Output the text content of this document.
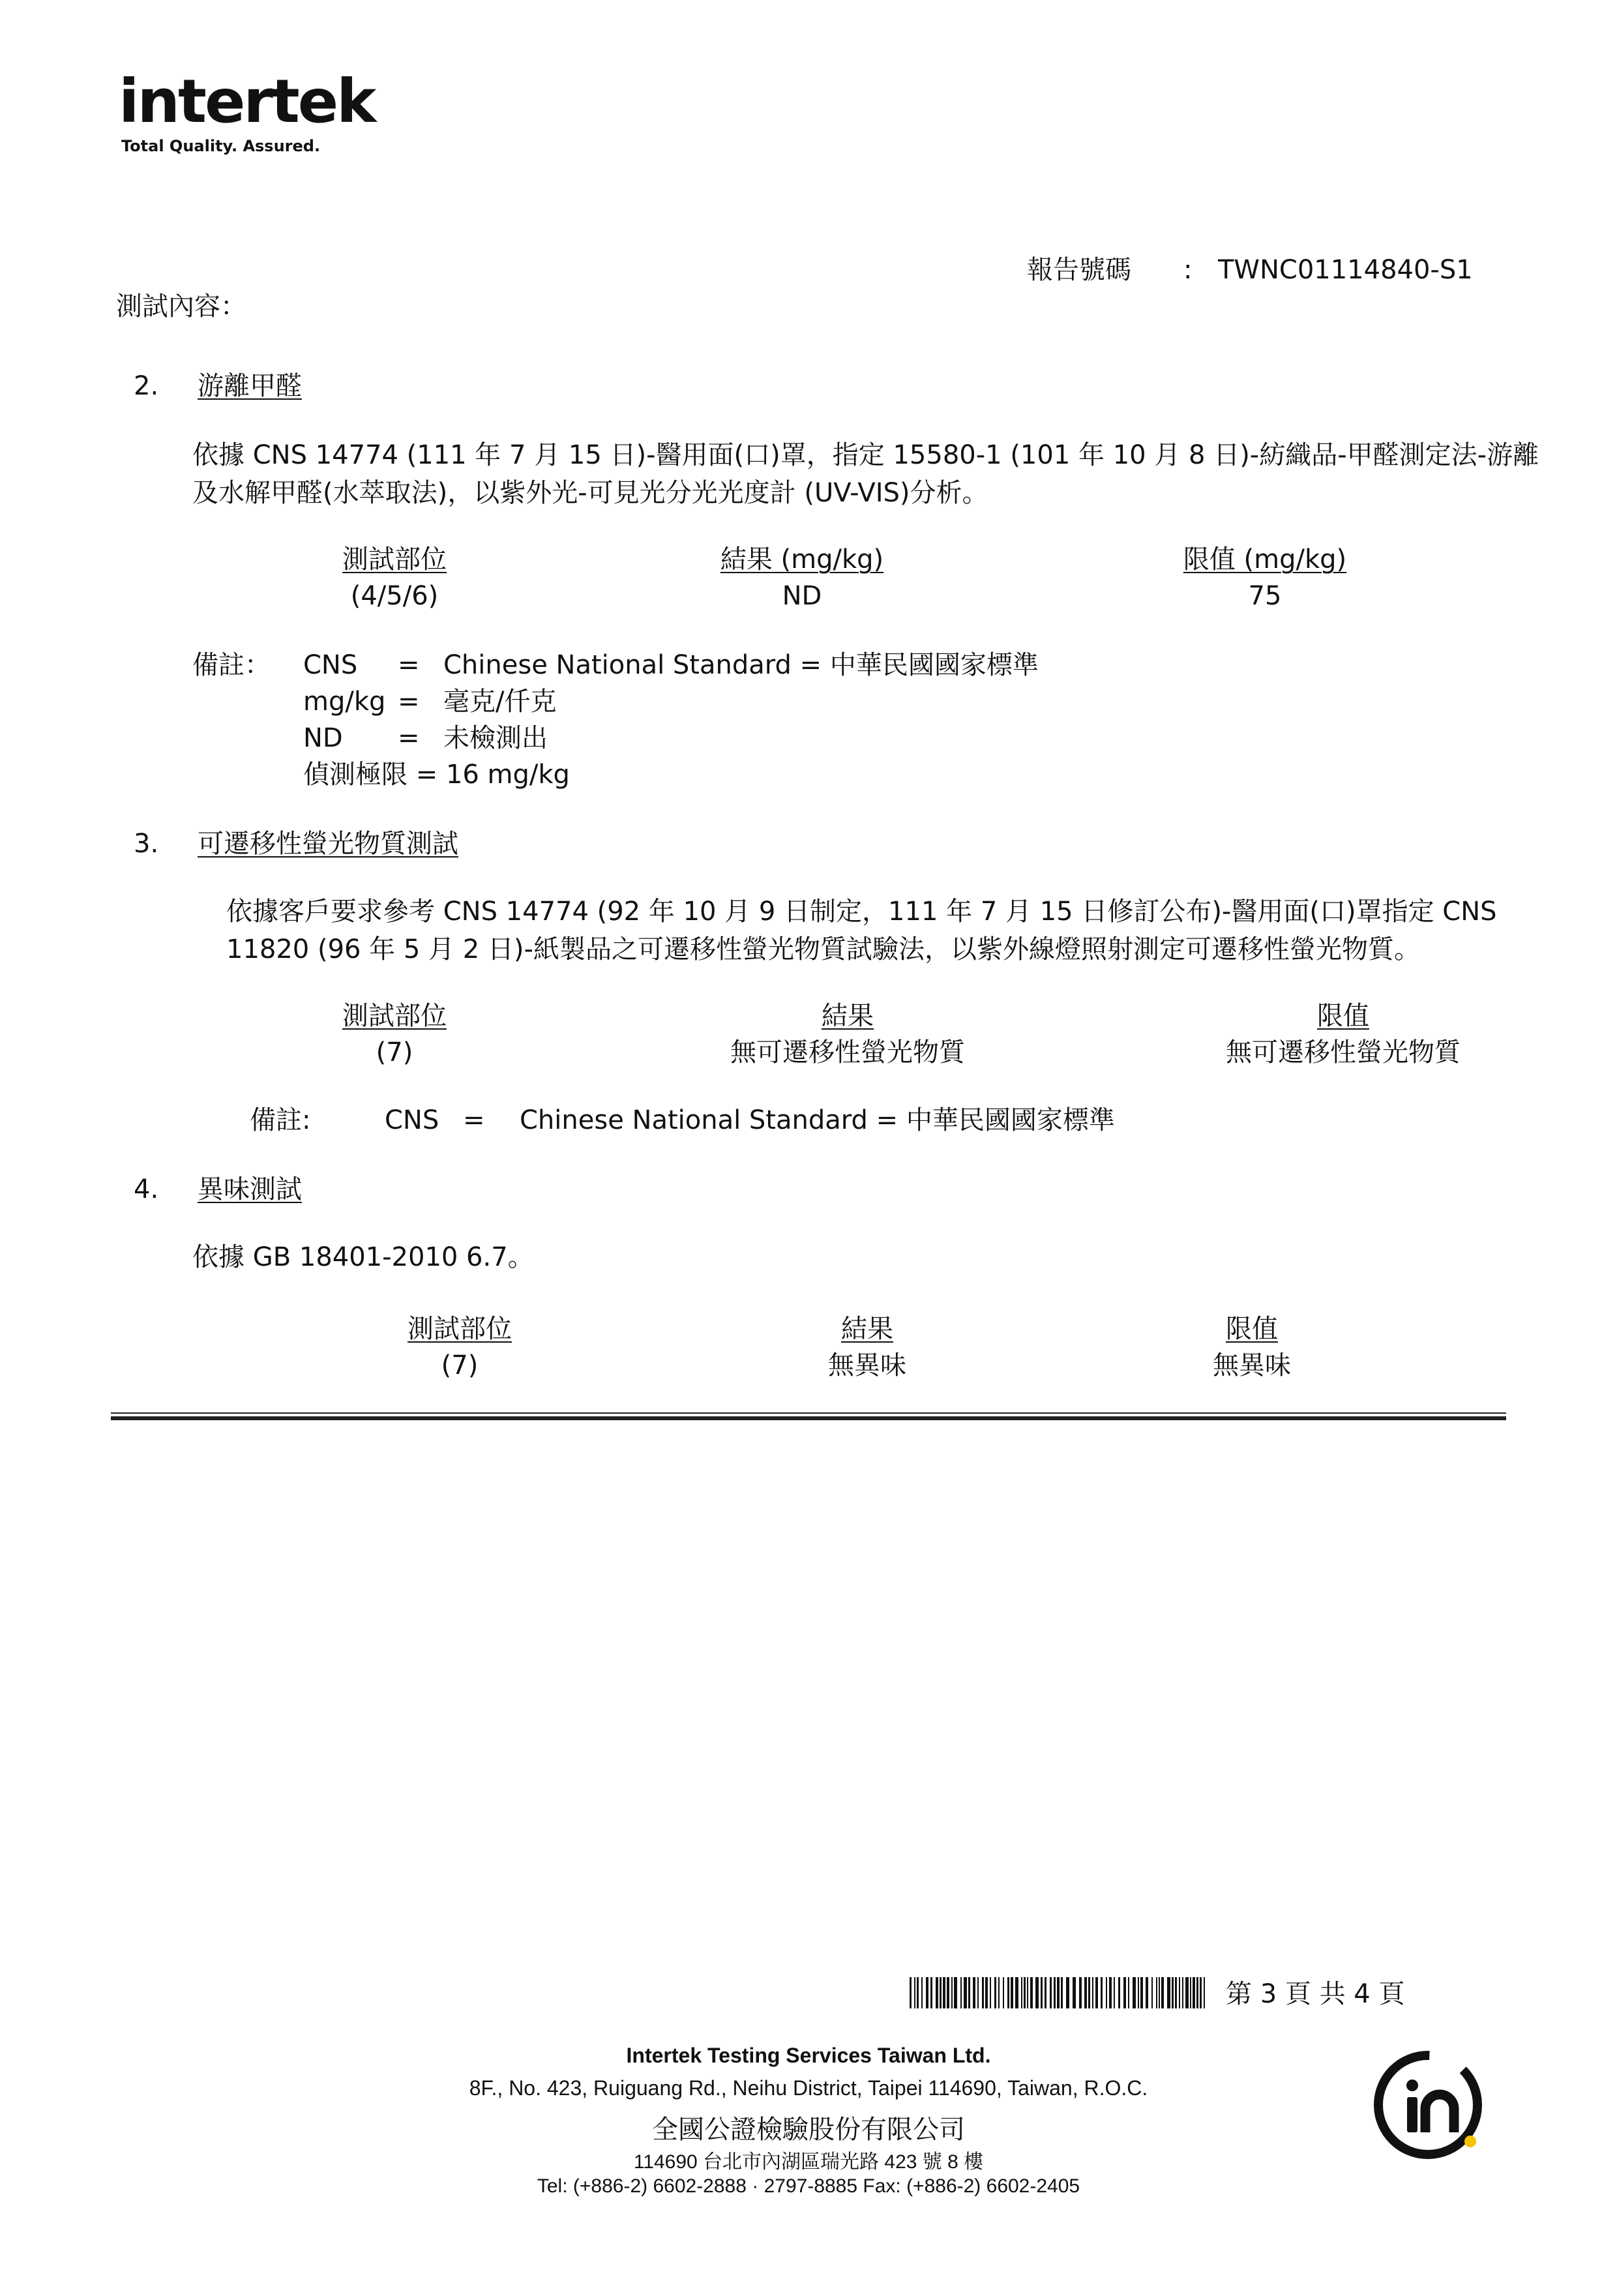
intertek
Total Quality. Assured.
報告號碼 : TWNC01114840-S1
測試內容：
2. 游離甲醛
依據 CNS 14774 (111 年 7 月 15 日)-醫用面(口)罩，指定 15580-1 (101 年 10 月 8 日)-紡織品-甲醛測定法-游離
及水解甲醛(水萃取法)，以紫外光-可見光分光光度計 (UV-VIS)分析。
測試部位	結果 (mg/kg)	限值 (mg/kg)
(4/5/6)	ND	75
備註： CNS = Chinese National Standard = 中華民國國家標準
mg/kg = 毫克/仟克
ND = 未檢測出
偵測極限 = 16 mg/kg
3. 可遷移性螢光物質測試
依據客戶要求參考 CNS 14774 (92 年 10 月 9 日制定，111 年 7 月 15 日修訂公布)-醫用面(口)罩指定 CNS
11820 (96 年 5 月 2 日)-紙製品之可遷移性螢光物質試驗法，以紫外線燈照射測定可遷移性螢光物質。
測試部位	結果	限值
(7)	無可遷移性螢光物質	無可遷移性螢光物質
備註:	CNS = Chinese National Standard = 中華民國國家標準
4. 異味測試
依據 GB 18401-2010 6.7。
測試部位	結果	限值
(7)	無異味	無異味
第 3 頁 共 4 頁
Intertek Testing Services Taiwan Ltd.
8F., No. 423, Ruiguang Rd., Neihu District, Taipei 114690, Taiwan, R.O.C.
全國公證檢驗股份有限公司
114690 台北市內湖區瑞光路 423 號 8 樓
Tel: (+886-2) 6602-2888 · 2797-8885 Fax: (+886-2) 6602-2405
